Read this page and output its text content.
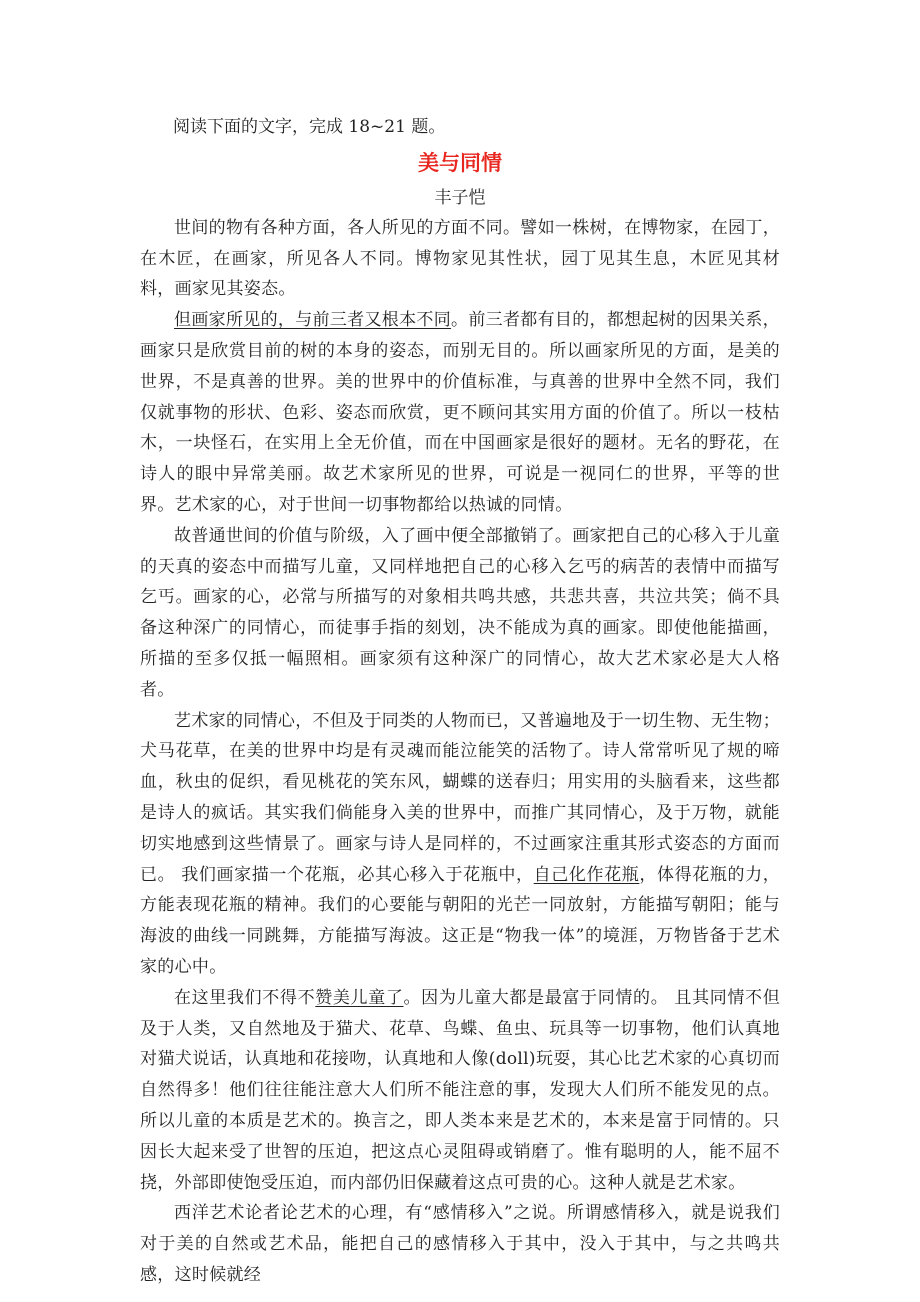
阅读下面的文字，完成 18~21 题。
美与同情
丰子恺

世间的物有各种方面，各人所见的方面不同。譬如一株树，在博物家，在园丁，在木匠，在画家，所见各人不同。博物家见其性状，园丁见其生息，木匠见其材料，画家见其姿态。

但画家所见的，与前三者又根本不同。前三者都有目的，都想起树的因果关系，画家只是欣赏目前的树的本身的姿态，而别无目的。所以画家所见的方面，是美的世界，不是真善的世界。美的世界中的价值标准，与真善的世界中全然不同，我们仅就事物的形状、色彩、姿态而欣赏，更不顾问其实用方面的价值了。所以一枝枯木，一块怪石，在实用上全无价值，而在中国画家是很好的题材。无名的野花，在诗人的眼中异常美丽。故艺术家所见的世界，可说是一视同仁的世界，平等的世界。艺术家的心，对于世间一切事物都给以热诚的同情。

故普通世间的价值与阶级，入了画中便全部撤销了。画家把自己的心移入于儿童的天真的姿态中而描写儿童，又同样地把自己的心移入乞丐的病苦的表情中而描写乞丐。画家的心，必常与所描写的对象相共鸣共感，共悲共喜，共泣共笑；倘不具备这种深广的同情心，而徒事手指的刻划，决不能成为真的画家。即使他能描画，所描的至多仅抵一幅照相。画家须有这种深广的同情心，故大艺术家必是大人格者。

艺术家的同情心，不但及于同类的人物而已，又普遍地及于一切生物、无生物；犬马花草，在美的世界中均是有灵魂而能泣能笑的活物了。诗人常常听见了规的啼血，秋虫的促织，看见桃花的笑东风，蝴蝶的送春归；用实用的头脑看来，这些都是诗人的疯话。其实我们倘能身入美的世界中，而推广其同情心，及于万物，就能切实地感到这些情景了。画家与诗人是同样的，不过画家注重其形式姿态的方面而已。 我们画家描一个花瓶，必其心移入于花瓶中，自己化作花瓶，体得花瓶的力，方能表现花瓶的精神。我们的心要能与朝阳的光芒一同放射，方能描写朝阳；能与海波的曲线一同跳舞，方能描写海波。这正是“物我一体”的境涯，万物皆备于艺术家的心中。

在这里我们不得不赞美儿童了。因为儿童大都是最富于同情的。 且其同情不但及于人类，又自然地及于猫犬、花草、鸟蝶、鱼虫、玩具等一切事物，他们认真地对猫犬说话，认真地和花接吻，认真地和人像(doll)玩耍，其心比艺术家的心真切而自然得多！他们往往能注意大人们所不能注意的事，发现大人们所不能发见的点。所以儿童的本质是艺术的。换言之，即人类本来是艺术的，本来是富于同情的。只因长大起来受了世智的压迫，把这点心灵阻碍或销磨了。惟有聪明的人，能不屈不挠，外部即使饱受压迫，而内部仍旧保藏着这点可贵的心。这种人就是艺术家。

西洋艺术论者论艺术的心理，有“感情移入”之说。所谓感情移入，就是说我们对于美的自然或艺术品，能把自己的感情移入于其中，没入于其中，与之共鸣共感，这时候就经
